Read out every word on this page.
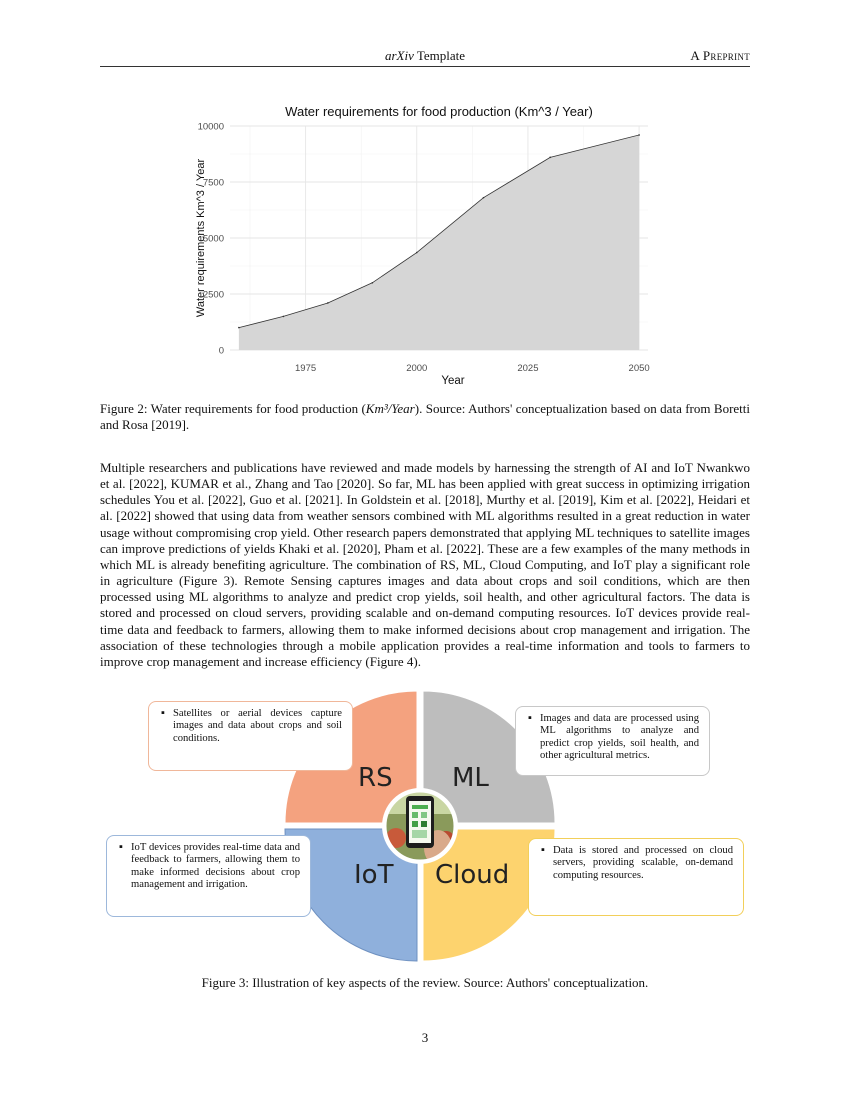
arXiv Template	A Preprint
0
2500
5000
7500
10000
1975	2000	2025	2050
Water requirements for food production (Km^3 / Year)
Year
Water requirements Km^3 / Year
Figure 2: Water requirements for food production (Km³/Year). Source: Authors' conceptualization based on data from Boretti and Rosa [2019].
Multiple researchers and publications have reviewed and made models by harnessing the strength of AI and IoT Nwankwo et al. [2022], KUMAR et al., Zhang and Tao [2020]. So far, ML has been applied with great success in optimizing irrigation schedules You et al. [2022], Guo et al. [2021]. In Goldstein et al. [2018], Murthy et al. [2019], Kim et al. [2022], Heidari et al. [2022] showed that using data from weather sensors combined with ML algorithms resulted in a great reduction in water usage without compromising crop yield. Other research papers demonstrated that applying ML techniques to satellite images can improve predictions of yields Khaki et al. [2020], Pham et al. [2022]. These are a few examples of the many methods in which ML is already benefiting agriculture. The combination of RS, ML, Cloud Computing, and IoT play a significant role in agriculture (Figure 3). Remote Sensing captures images and data about crops and soil conditions, which are then processed using ML algorithms to analyze and predict crop yields, soil health, and other agricultural factors. The data is stored and processed on cloud servers, providing scalable and on-demand computing resources. IoT devices provide real-time data and feedback to farmers, allowing them to make informed decisions about crop management and irrigation. The association of these technologies through a mobile application provides a real-time information and tools to farmers to improve crop management and increase efficiency (Figure 4).
RS ML
IoT Cloud
▪ Satellites or aerial devices capture images and data about crops and soil conditions.
▪ Images and data are processed using ML algorithms to analyze and predict crop yields, soil health, and other agricultural metrics.
▪ IoT devices provides real-time data and feedback to farmers, allowing them to make informed decisions about crop management and irrigation.
▪ Data is stored and processed on cloud servers, providing scalable, on-demand computing resources.
Figure 3: Illustration of key aspects of the review. Source: Authors' conceptualization.
3
